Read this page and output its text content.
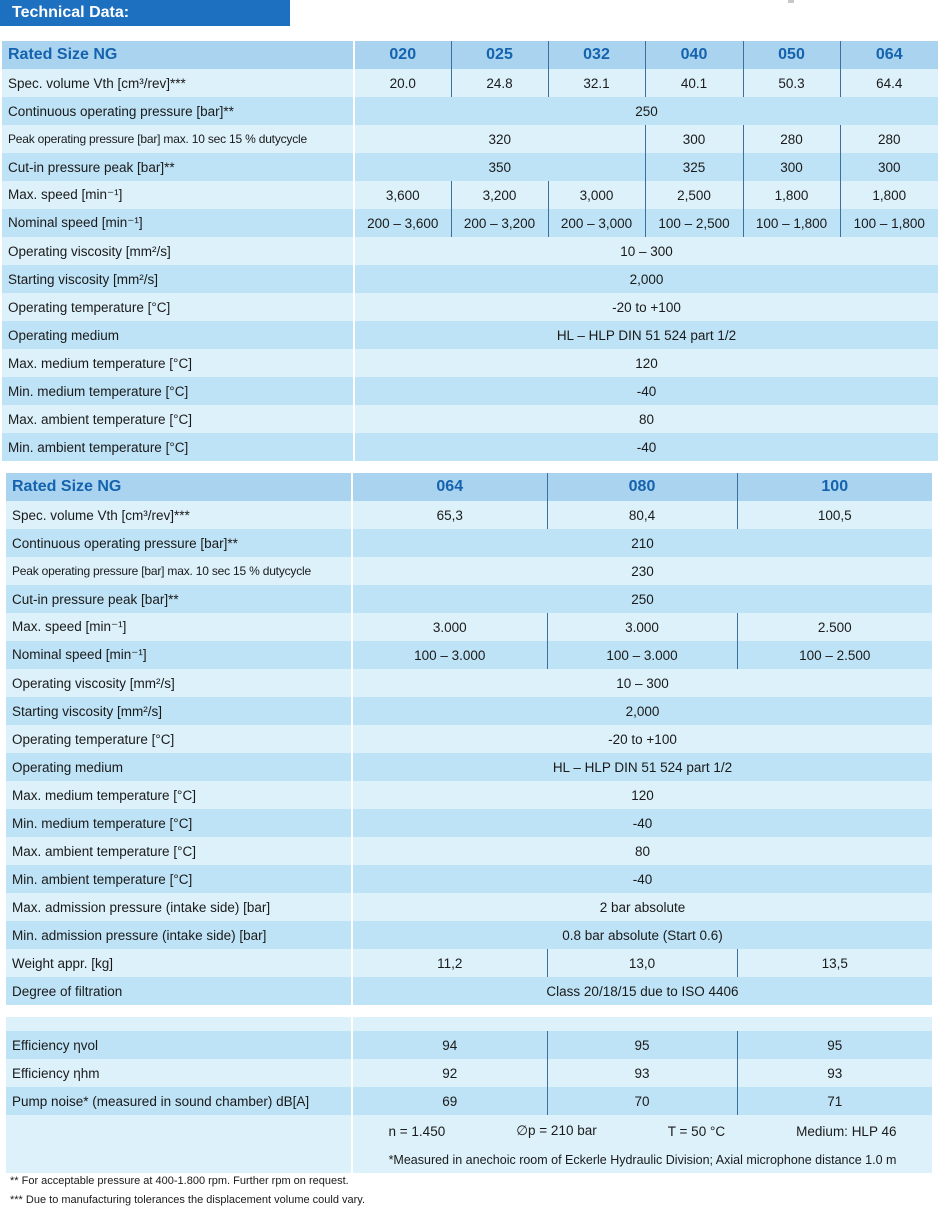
Technical Data:
Rated Size NG	020	025	032	040	050	064
Spec. volume Vth [cm³/rev]***	20.0	24.8	32.1	40.1	50.3	64.4
Continuous operating pressure [bar]**	250					
Peak operating pressure [bar] max. 10 sec 15 % dutycycle	320			300	280	280
Cut-in pressure peak [bar]**	350			325	300	300
Max. speed [min⁻¹]	3,600	3,200	3,000	2,500	1,800	1,800
Nominal speed [min⁻¹]	200 – 3,600	200 – 3,200	200 – 3,000	100 – 2,500	100 – 1,800	100 – 1,800
Operating viscosity [mm²/s]	10 – 300					
Starting viscosity [mm²/s]	2,000					
Operating temperature [°C]	-20 to +100					
Operating medium	HL – HLP DIN 51 524 part 1/2					
Max. medium temperature [°C]	120					
Min. medium temperature [°C]	-40					
Max. ambient temperature [°C]	80					
Min. ambient temperature [°C]	-40					
Rated Size NG	064	080	100
Spec. volume Vth [cm³/rev]***	65,3	80,4	100,5
Continuous operating pressure [bar]**	210		
Peak operating pressure [bar] max. 10 sec 15 % dutycycle	230		
Cut-in pressure peak [bar]**	250		
Max. speed [min⁻¹]	3.000	3.000	2.500
Nominal speed [min⁻¹]	100 – 3.000	100 – 3.000	100 – 2.500
Operating viscosity [mm²/s]	10 – 300		
Starting viscosity [mm²/s]	2,000		
Operating temperature [°C]	-20 to +100		
Operating medium	HL – HLP DIN 51 524 part 1/2		
Max. medium temperature [°C]	120		
Min. medium temperature [°C]	-40		
Max. ambient temperature [°C]	80		
Min. ambient temperature [°C]	-40		
Max. admission pressure (intake side) [bar]	2 bar absolute		
Min. admission pressure (intake side) [bar]	0.8 bar absolute (Start 0.6)		
Weight appr. [kg]	11,2	13,0	13,5
Degree of filtration	Class 20/18/15 due to ISO 4406		

Efficiency ηvol	94	95	95
Efficiency ηhm	92	93	93
Pump noise* (measured in sound chamber) dB[A]	69	70	71

	n = 1.450 ∅p = 210 bar T = 50 °C Medium: HLP 46		

	*Measured in anechoic room of Eckerle Hydraulic Division; Axial microphone distance 1.0 m		
** For acceptable pressure at 400-1.800 rpm. Further rpm on request.
*** Due to manufacturing tolerances the displacement volume could vary.
